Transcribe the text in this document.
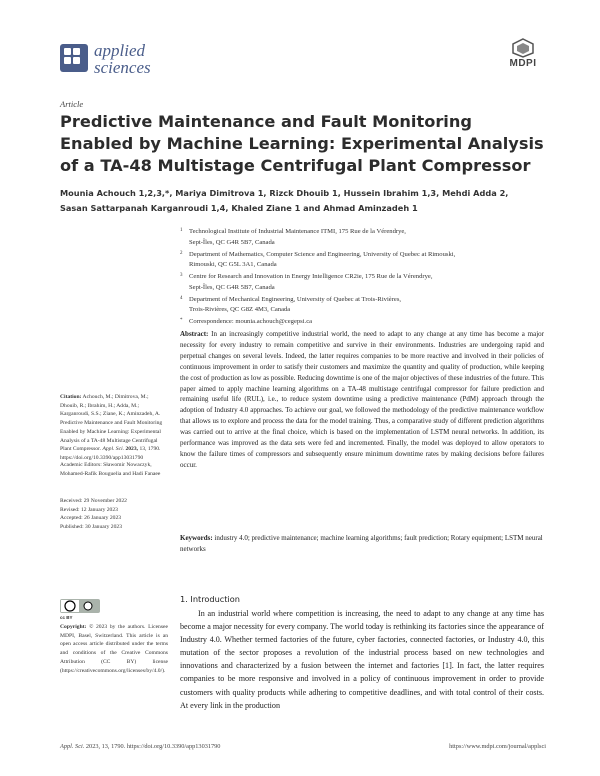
applied
sciences	MDPI
Article
Predictive Maintenance and Fault Monitoring Enabled by Machine Learning: Experimental Analysis of a TA-48 Multistage Centrifugal Plant Compressor
Mounia Achouch 1,2,3,*, Mariya Dimitrova 1, Rizck Dhouib 1, Hussein Ibrahim 1,3, Mehdi Adda 2,
Sasan Sattarpanah Karganroudi 1,4, Khaled Ziane 1 and Ahmad Aminzadeh 1
1 Technological Institute of Industrial Maintenance ITMI, 175 Rue de la Vérendrye,
Sept-Îles, QC G4R 5B7, Canada
2 Department of Mathematics, Computer Science and Engineering, University of Quebec at Rimouski,
Rimouski, QC G5L 3A1, Canada
3 Centre for Research and Innovation in Energy Intelligence CR2ie, 175 Rue de la Vérendrye,
Sept-Îles, QC G4R 5B7, Canada
4 Department of Mechanical Engineering, University of Quebec at Trois-Rivières,
Trois-Rivières, QC G8Z 4M3, Canada
* Correspondence: mounia.achouch@cegepsi.ca
Abstract: In an increasingly competitive industrial world, the need to adapt to any change at any time has become a major necessity for every industry to remain competitive and survive in their environments. Industries are undergoing rapid and perpetual changes on several levels. Indeed, the latter requires companies to be more reactive and involved in their policies of continuous improvement in order to satisfy their customers and maximize the quantity and quality of production, while keeping the cost of production as low as possible. Reducing downtime is one of the major objectives of these industries of the future. This paper aimed to apply machine learning algorithms on a TA-48 multistage centrifugal compressor for failure prediction and remaining useful life (RUL), i.e., to reduce system downtime using a predictive maintenance (PdM) approach through the adoption of Industry 4.0 approaches. To achieve our goal, we followed the methodology of the predictive maintenance workflow that allows us to explore and process the data for the model training. Thus, a comparative study of different prediction algorithms was carried out to arrive at the final choice, which is based on the implementation of LSTM neural networks. In addition, its performance was improved as the data sets were fed and incremented. Finally, the model was deployed to allow operators to know the failure times of compressors and subsequently ensure minimum downtime rates by making decisions before failures occur.
Keywords: industry 4.0; predictive maintenance; machine learning algorithms; fault prediction; Rotary equipment; LSTM neural networks
Citation: Achouch, M.; Dimitrova, M.; Dhouib, R.; Ibrahim, H.; Adda, M.; Karganroudi, S.S.; Ziane, K.; Aminzadeh, A. Predictive Maintenance and Fault Monitoring Enabled by Machine Learning: Experimental Analysis of a TA-48 Multistage Centrifugal Plant Compressor. Appl. Sci. 2023, 13, 1790. https://doi.org/10.3390/app13031790
Academic Editors: Sławomir Nowaczyk, Mohamed-Rafik Bouguelia and Hadi Fanaee
Received: 29 November 2022
Revised: 12 January 2023
Accepted: 26 January 2023
Published: 30 January 2023
cc BY
Copyright: © 2023 by the authors. Licensee MDPI, Basel, Switzerland. This article is an open access article distributed under the terms and conditions of the Creative Commons Attribution (CC BY) license (https://creativecommons.org/licenses/by/4.0/).
1. Introduction
In an industrial world where competition is increasing, the need to adapt to any change at any time has become a major necessity for every company. The world today is rethinking its factories since the appearance of Industry 4.0. Whether termed factories of the future, cyber factories, connected factories, or Industry 4.0, this mutation of the sector proposes a revolution of the industrial process based on new technologies and innovations and characterized by a fusion between the internet and factories [1]. In fact, the latter requires companies to be more responsive and involved in a policy of continuous improvement in order to provide customers with quality products while adhering to competitive deadlines, and with total control of their costs. At every link in the production
Appl. Sci. 2023, 13, 1790. https://doi.org/10.3390/app13031790	https://www.mdpi.com/journal/applsci
